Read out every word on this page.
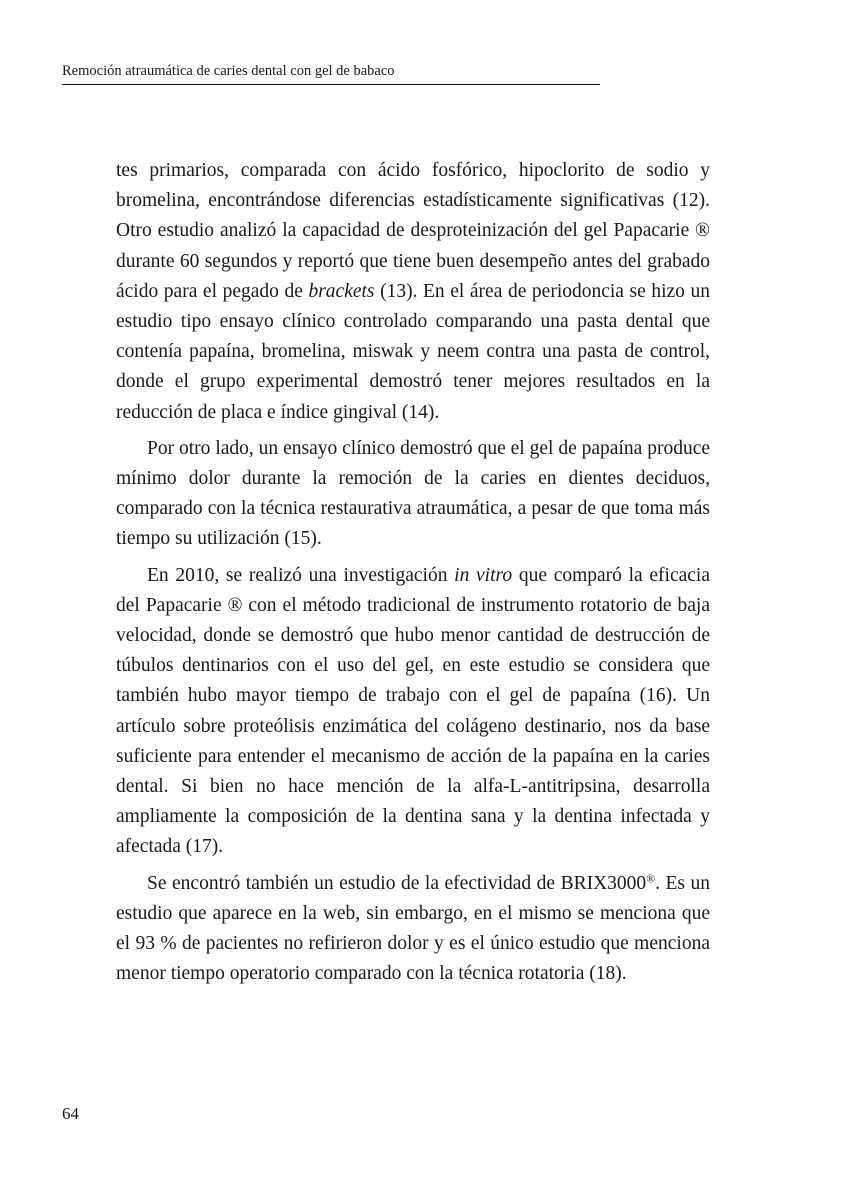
Remoción atraumática de caries dental con gel de babaco

tes primarios, comparada con ácido fosfórico, hipoclorito de sodio y bromelina, encontrándose diferencias estadísticamente significativas (12). Otro estudio analizó la capacidad de desproteinización del gel Papacarie ® durante 60 segundos y reportó que tiene buen desempeño antes del grabado ácido para el pegado de brackets (13). En el área de periodoncia se hizo un estudio tipo ensayo clínico controlado comparando una pasta dental que contenía papaína, bromelina, miswak y neem contra una pasta de control, donde el grupo experimental demostró tener mejores resultados en la reducción de placa e índice gingival (14).

Por otro lado, un ensayo clínico demostró que el gel de papaína produce mínimo dolor durante la remoción de la caries en dientes deciduos, comparado con la técnica restaurativa atraumática, a pesar de que toma más tiempo su utilización (15).

En 2010, se realizó una investigación in vitro que comparó la eficacia del Papacarie ® con el método tradicional de instrumento rotatorio de baja velocidad, donde se demostró que hubo menor cantidad de destrucción de túbulos dentinarios con el uso del gel, en este estudio se considera que también hubo mayor tiempo de trabajo con el gel de papaína (16). Un artículo sobre proteólisis enzimática del colágeno destinario, nos da base suficiente para entender el mecanismo de acción de la papaína en la caries dental. Si bien no hace mención de la alfa-L-antitripsina, desarrolla ampliamente la composición de la dentina sana y la dentina infectada y afectada (17).

Se encontró también un estudio de la efectividad de BRIX3000®. Es un estudio que aparece en la web, sin embargo, en el mismo se menciona que el 93 % de pacientes no refirieron dolor y es el único estudio que menciona menor tiempo operatorio comparado con la técnica rotatoria (18).

64
